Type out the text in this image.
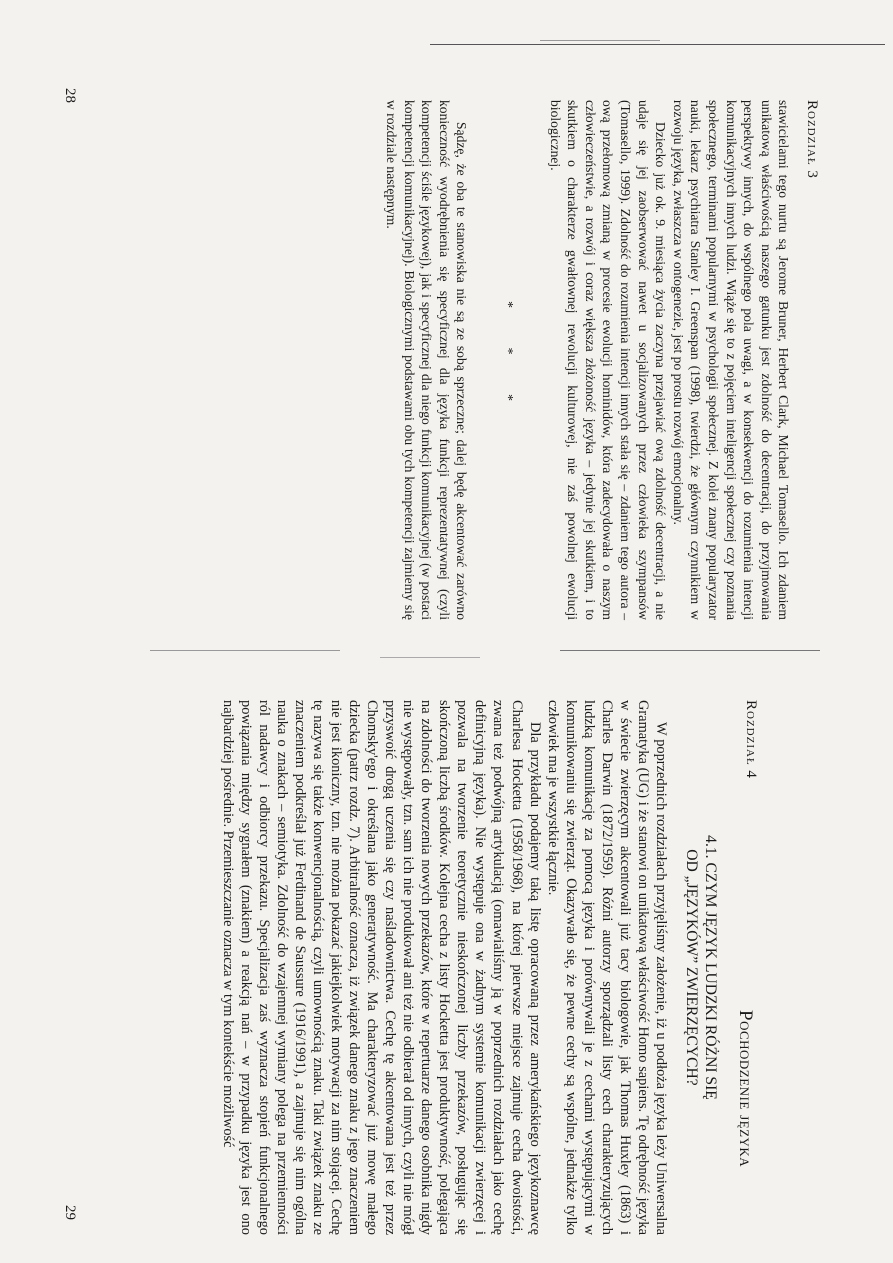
28
29
Rozdział 3

stawicielami tego nurtu są Jerome Bruner, Herbert Clark, Michael Tomasello. Ich zdaniem unikatową właściwością naszego gatunku jest zdolność do decentracji, do przyjmowania perspektywy innych, do wspólnego pola uwagi, a w konsekwencji do rozumienia intencji komunikacyjnych innych ludzi. Wiąże się to z pojęciem inteligencji społecznej czy poznania społecznego, terminami popularnymi w psychologii społecznej. Z kolei znany popularyzator nauki, lekarz psychiatra Stanley I. Greenspan (1998), twierdzi, że głównym czynnikiem w rozwoju języka, zwłaszcza w ontogenezie, jest po prostu rozwój emocjonalny.

Dziecko już ok. 9. miesiąca życia zaczyna przejawiać ową zdolność decentracji, a nie udaje się jej zaobserwować nawet u socjalizowanych przez człowieka szympansów (Tomasello, 1999). Zdolność do rozumienia intencji innych stała się – zdaniem tego autora – ową przełomową zmianą w procesie ewolucji hominidów, która zadecydowała o naszym człowieczeństwie, a rozwój i coraz większa złożoność języka – jedynie jej skutkiem, i to skutkiem o charakterze gwałtownej rewolucji kulturowej, nie zaś powolnej ewolucji biologicznej.

* * *

Sądzę, że oba te stanowiska nie są ze sobą sprzeczne; dalej będę akcentować zarówno konieczność wyodrębnienia się specyficznej dla języka funkcji reprezentatywnej (czyli kompetencji ściśle językowej), jak i specyficznej dla niego funkcji komunikacyjnej (w postaci kompetencji komunikacyjnej). Biologicznymi podstawami obu tych kompetencji zajmiemy się w rozdziale następnym.

Rozdział 4
Pochodzenie języka
4.1. CZYM JĘZYK LUDZKI RÓŻNI SIĘ
OD „JĘZYKÓW” ZWIERZĘCYCH?

W poprzednich rozdziałach przyjęliśmy założenie, iż u podłoża języka leży Uniwersalna Gramatyka (UG) i że stanowi on unikatową właściwość Homo sapiens. Tę odrębność języka w świecie zwierzęcym akcentowali już tacy biologowie, jak Thomas Huxley (1863) i Charles Darwin (1872/1959). Różni autorzy sporządzali listy cech charakteryzujących ludzką komunikację za pomocą języka i porównywali je z cechami występującymi w komunikowaniu się zwierząt. Okazywało się, że pewne cechy są wspólne, jednakże tylko człowiek ma je wszystkie łącznie.

Dla przykładu podajemy taką listę opracowaną przez amerykańskiego językoznawcę Charlesa Hocketta (1958/1968), na której pierwsze miejsce zajmuje cecha dwoistości, zwana też podwójną artykulacją (omawialiśmy ją w poprzednich rozdziałach jako cechę definicyjną języka). Nie występuje ona w żadnym systemie komunikacji zwierzęcej i pozwala na tworzenie teoretycznie nieskończonej liczby przekazów, posługując się skończoną liczbą środków. Kolejna cecha z listy Hocketta jest produktywność, polegająca na zdolności do tworzenia nowych przekazów, które w repertuarze danego osobnika nigdy nie występowały, tzn. sam ich nie produkował ani też nie odbierał od innych, czyli nie mógł przyswoić drogą uczenia się czy naśladownictwa. Cechę tę akcentowana jest też przez Chomsky'ego i określana jako generatywność. Ma charakteryzować już mowę małego dziecka (patrz rozdz. 7). Arbitralność oznacza, iż związek danego znaku z jego znaczeniem nie jest ikoniczny, tzn. nie można pokazać jakiejkolwiek motywacji za nim stojącej. Cechę tę nazywa się także konwencjonalnością, czyli umownością znaku. Taki związek znaku ze znaczeniem podkreślał już Ferdinand de Saussure (1916/1991), a zajmuje się nim ogólna nauka o znakach – semiotyka. Zdolność do wzajemnej wymiany polega na przemienności ról nadawcy i odbiorcy przekazu. Specjalizacja zaś wyznacza stopień funkcjonalnego powiązania między sygnałem (znakiem) a reakcją nań – w przypadku języka jest ono najbardziej pośrednie. Przemieszczanie oznacza w tym kontekście możliwość
